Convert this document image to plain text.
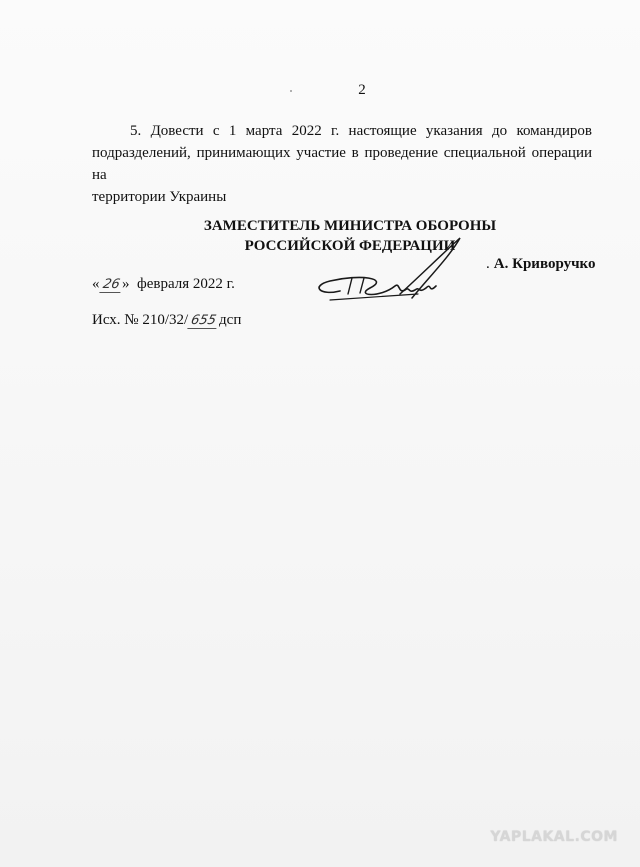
2
5. Довести с 1 марта 2022 г. настоящие указания до командиров
подразделений, принимающих участие в проведение специальной операции на
территории Украины
ЗАМЕСТИТЕЛЬ МИНИСТРА ОБОРОНЫ
РОССИЙСКОЙ ФЕДЕРАЦИИ
. А. Криворучко
« 26» февраля 2022 г.
Исх. № 210/32/ 655дсп
YAPLAKAL.COM
